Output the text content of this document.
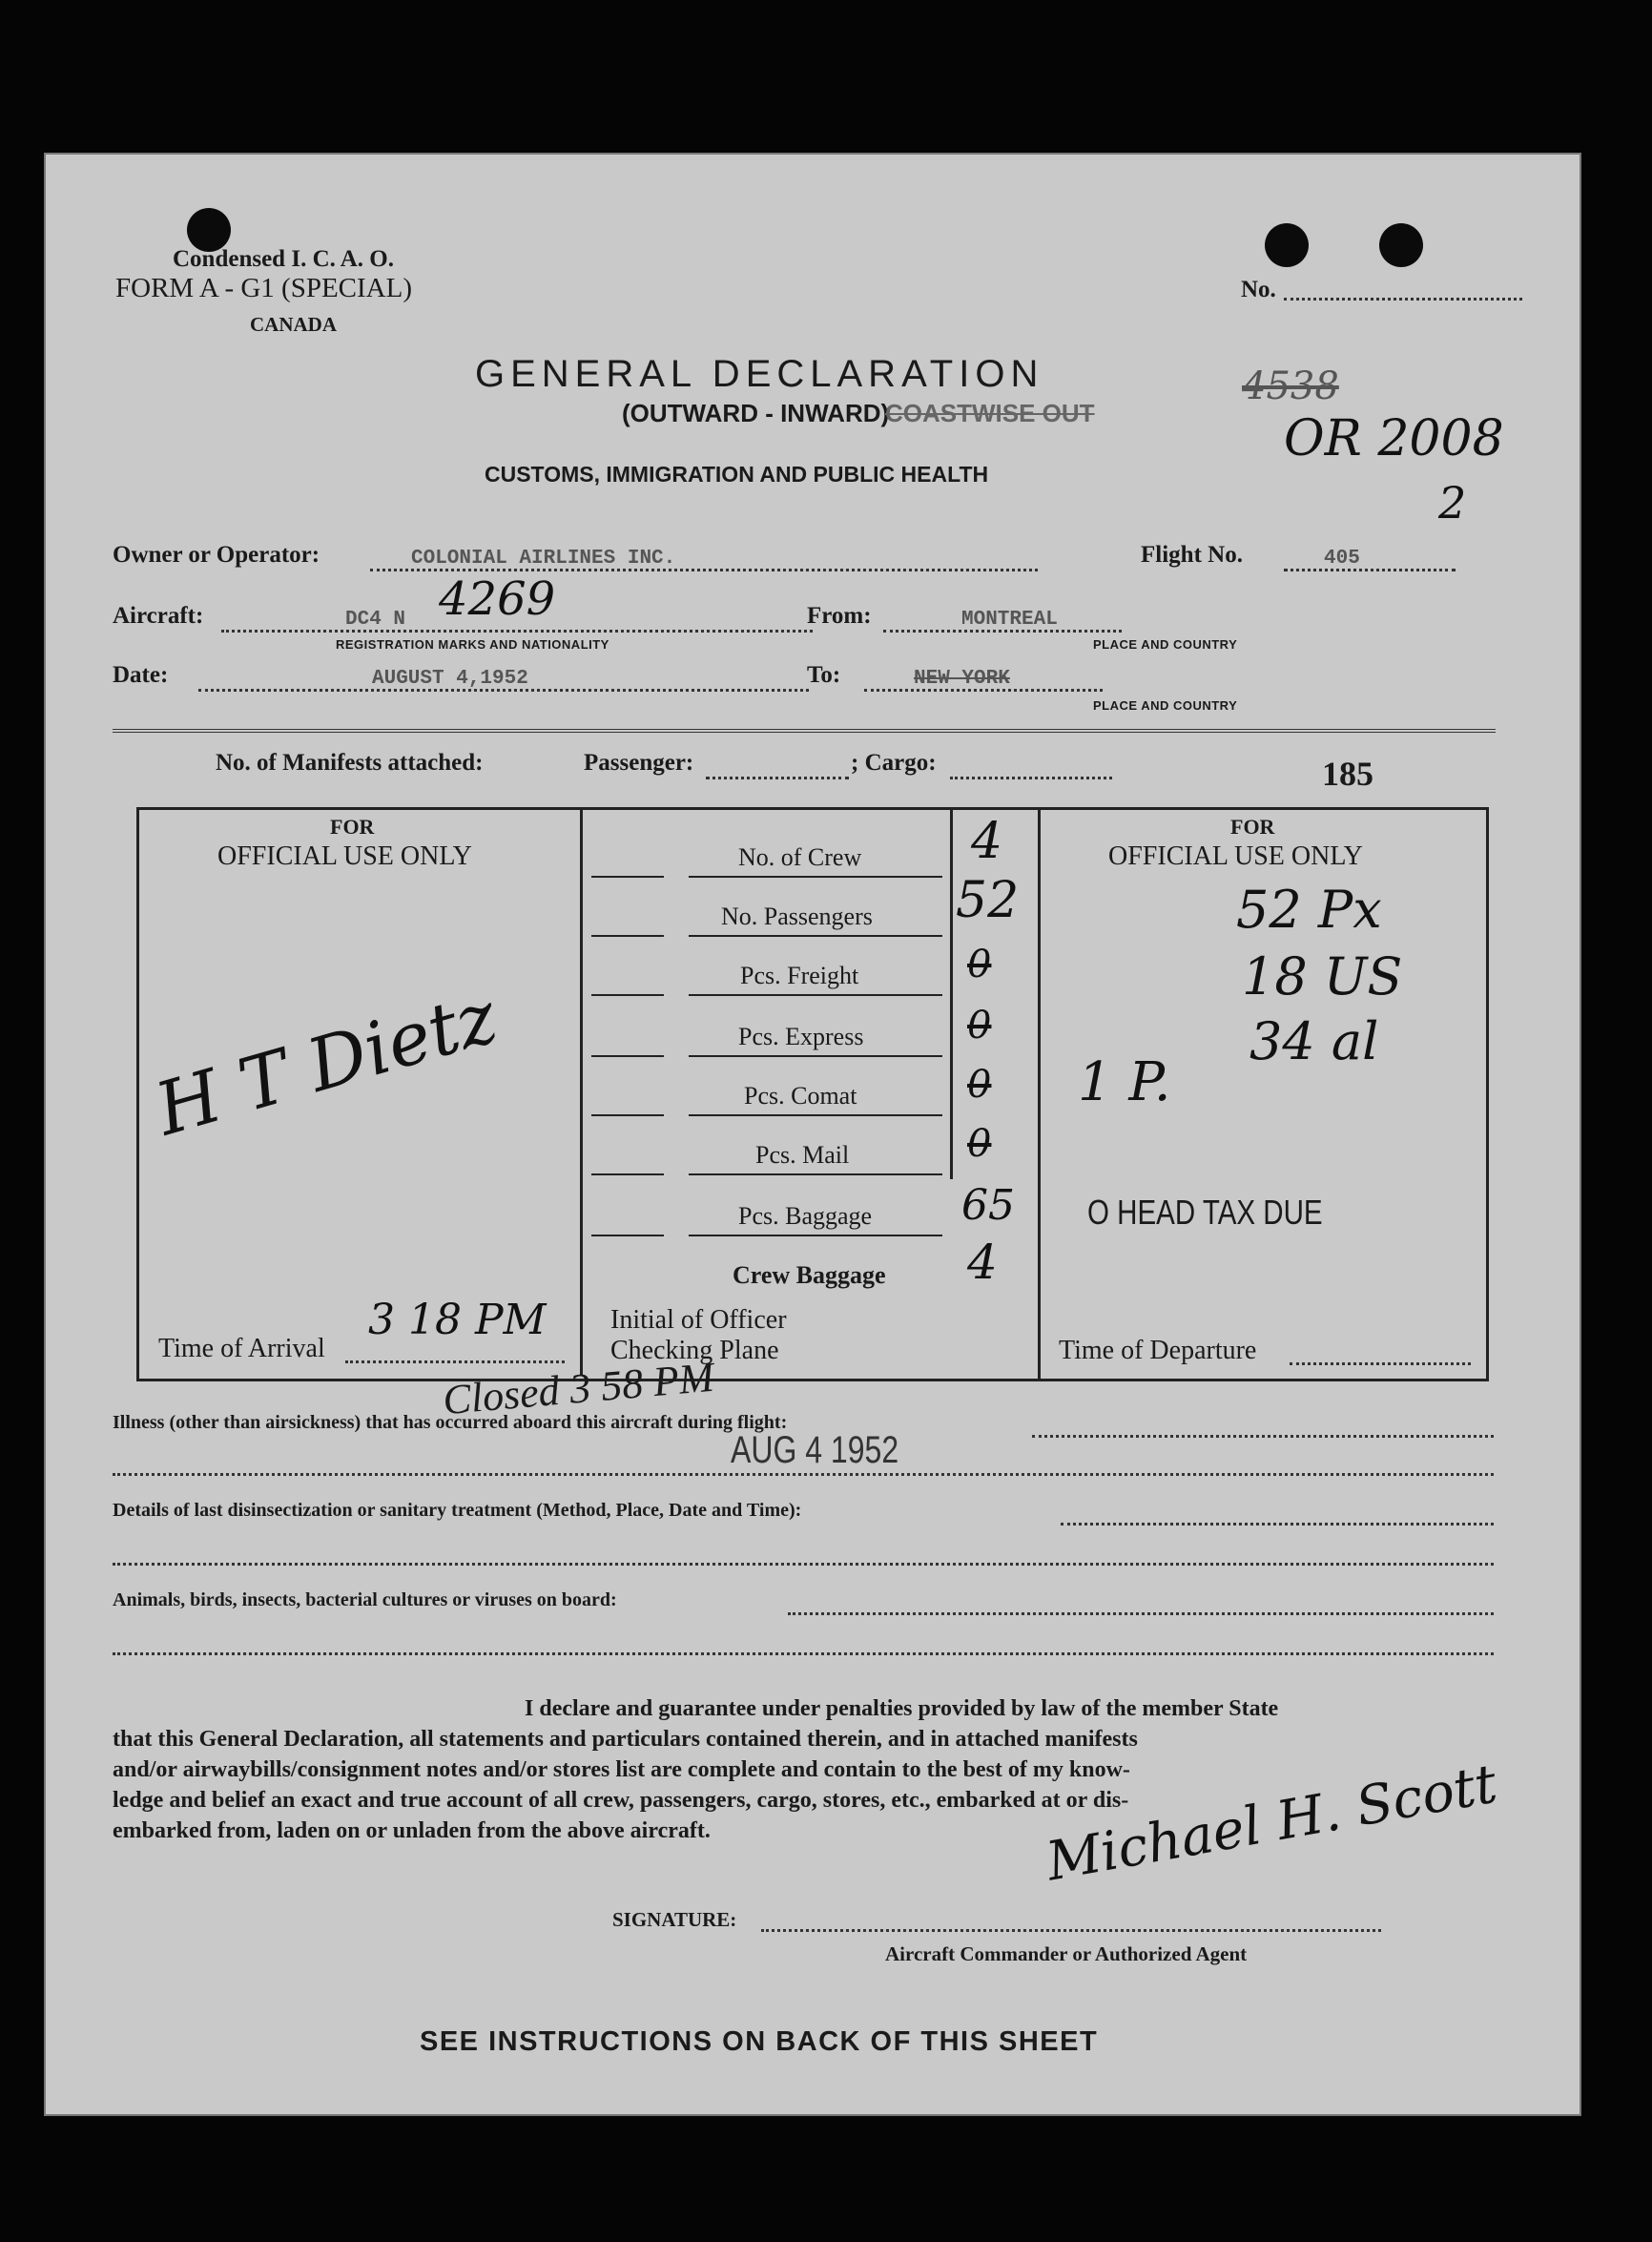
Condensed I. C. A. O.
FORM A - G1 (SPECIAL)
CANADA
No.
GENERAL DECLARATION
(OUTWARD - INWARD)
COASTWISE OUT
CUSTOMS, IMMIGRATION AND PUBLIC HEALTH
4538
OR 2008
2
Owner or Operator:	COLONIAL AIRLINES INC.	Flight No.	405
Aircraft:	DC4 N 4269
REGISTRATION MARKS AND NATIONALITY
From:	MONTREAL
PLACE AND COUNTRY
Date:	AUGUST 4,1952	To:	NEW YORK
PLACE AND COUNTRY
No. of Manifests attached:	Passenger:	; Cargo:	185
FOR
OFFICIAL USE ONLY
FOR
OFFICIAL USE ONLY
No. of Crew 4
No. Passengers 52
Pcs. Freight	0
Pcs. Express	0
Pcs. Comat	0
Pcs. Mail	0
Pcs. Baggage 65
Crew Baggage 4
52 Px
18 US
34 al
1 P.
O HEAD TAX DUE
H T Dietz
Time of Arrival
3 18 PM Initial of Officer
Checking Plane	Time of Departure
Closed 3 58 PM
Illness (other than airsickness) that has occurred aboard this aircraft during flight:
AUG 4 1952
Details of last disinsectization or sanitary treatment (Method, Place, Date and Time):
Animals, birds, insects, bacterial cultures or viruses on board:
I declare and guarantee under penalties provided by law of the member State
that this General Declaration, all statements and particulars contained therein, and in attached manifests
and/or airwaybills/consignment notes and/or stores list are complete and contain to the best of my know-
ledge and belief an exact and true account of all crew, passengers, cargo, stores, etc., embarked at or dis-
embarked from, laden on or unladen from the above aircraft.	Michael H. Scott
SIGNATURE:
Aircraft Commander or Authorized Agent
SEE INSTRUCTIONS ON BACK OF THIS SHEET
